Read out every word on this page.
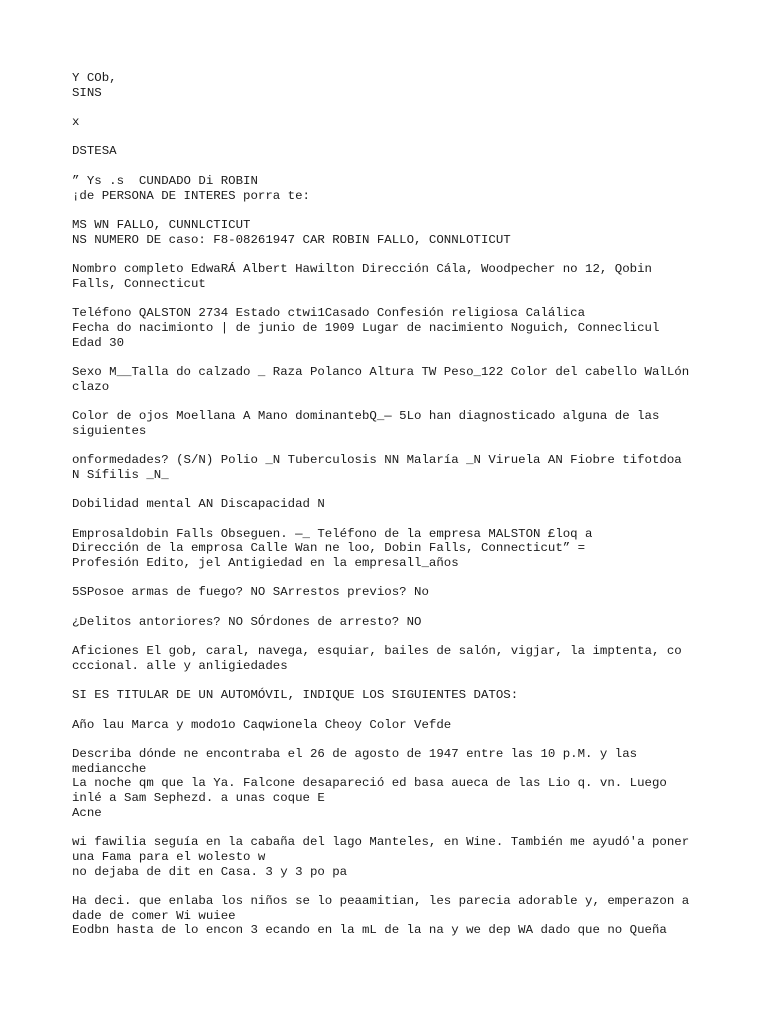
Y COb,
SINS
x
DSTESA
” Ys .s  CUNDADO Di ROBIN
¡de PERSONA DE INTERES porra te:
MS WN FALLO, CUNNLCTICUT
NS NUMERO DE caso: F8-08261947 CAR ROBIN FALLO, CONNLOTICUT
Nombro completo EdwaRÁ Albert Hawilton Dirección Cála, Woodpecher no 12, Qobin
Falls, Connecticut
Teléfono QALSTON 2734 Estado ctwi1Casado Confesión religiosa Calálica
Fecha do nacimionto | de junio de 1909 Lugar de nacimiento Noguich, Conneclicul
Edad 30
Sexo M__Talla do calzado _ Raza Polanco Altura TW Peso_122 Color del cabello WalLón
clazo
Color de ojos Moellana A Mano dominantebQ_— 5Lo han diagnosticado alguna de las
siguientes
onformedades? (S/N) Polio _N Tuberculosis NN Malaría _N Viruela AN Fiobre tifotdoa
N Sífilis _N_
Dobilidad mental AN Discapacidad N
Emprosaldobin Falls Obseguen. —_ Teléfono de la empresa MALSTON £loq a
Dirección de la emprosa Calle Wan ne loo, Dobin Falls, Connecticut” =
Profesión Edito, jel Antigiedad en la empresall_años
5SPosoe armas de fuego? NO SArrestos previos? No
¿Delitos antoriores? NO SÓrdones de arresto? NO
Aficiones El gob, caral, navega, esquiar, bailes de salón, vigjar, la imptenta, co
cccional. alle y anligiedades
SI ES TITULAR DE UN AUTOMÓVIL, INDIQUE LOS SIGUIENTES DATOS:
Año lau Marca y modo1o Caqwionela Cheoy Color Vefde
Describa dónde ne encontraba el 26 de agosto de 1947 entre las 10 p.M. y las
mediancche
La noche qm que la Ya. Falcone desapareció ed basa aueca de las Lio q. vn. Luego
inlé a Sam Sephezd. a unas coque E
Acne
wi fawilia seguía en la cabaña del lago Manteles, en Wine. También me ayudó'a poner
una Fama para el wolesto w
no dejaba de dit en Casa. 3 y 3 po pa
Ha deci. que enlaba los niños se lo peaamitian, les parecia adorable y, emperazon a
dade de comer Wi wuiee
Eodbn hasta de lo encon 3 ecando en la mL de la na y we dep WA dado que no Queña
